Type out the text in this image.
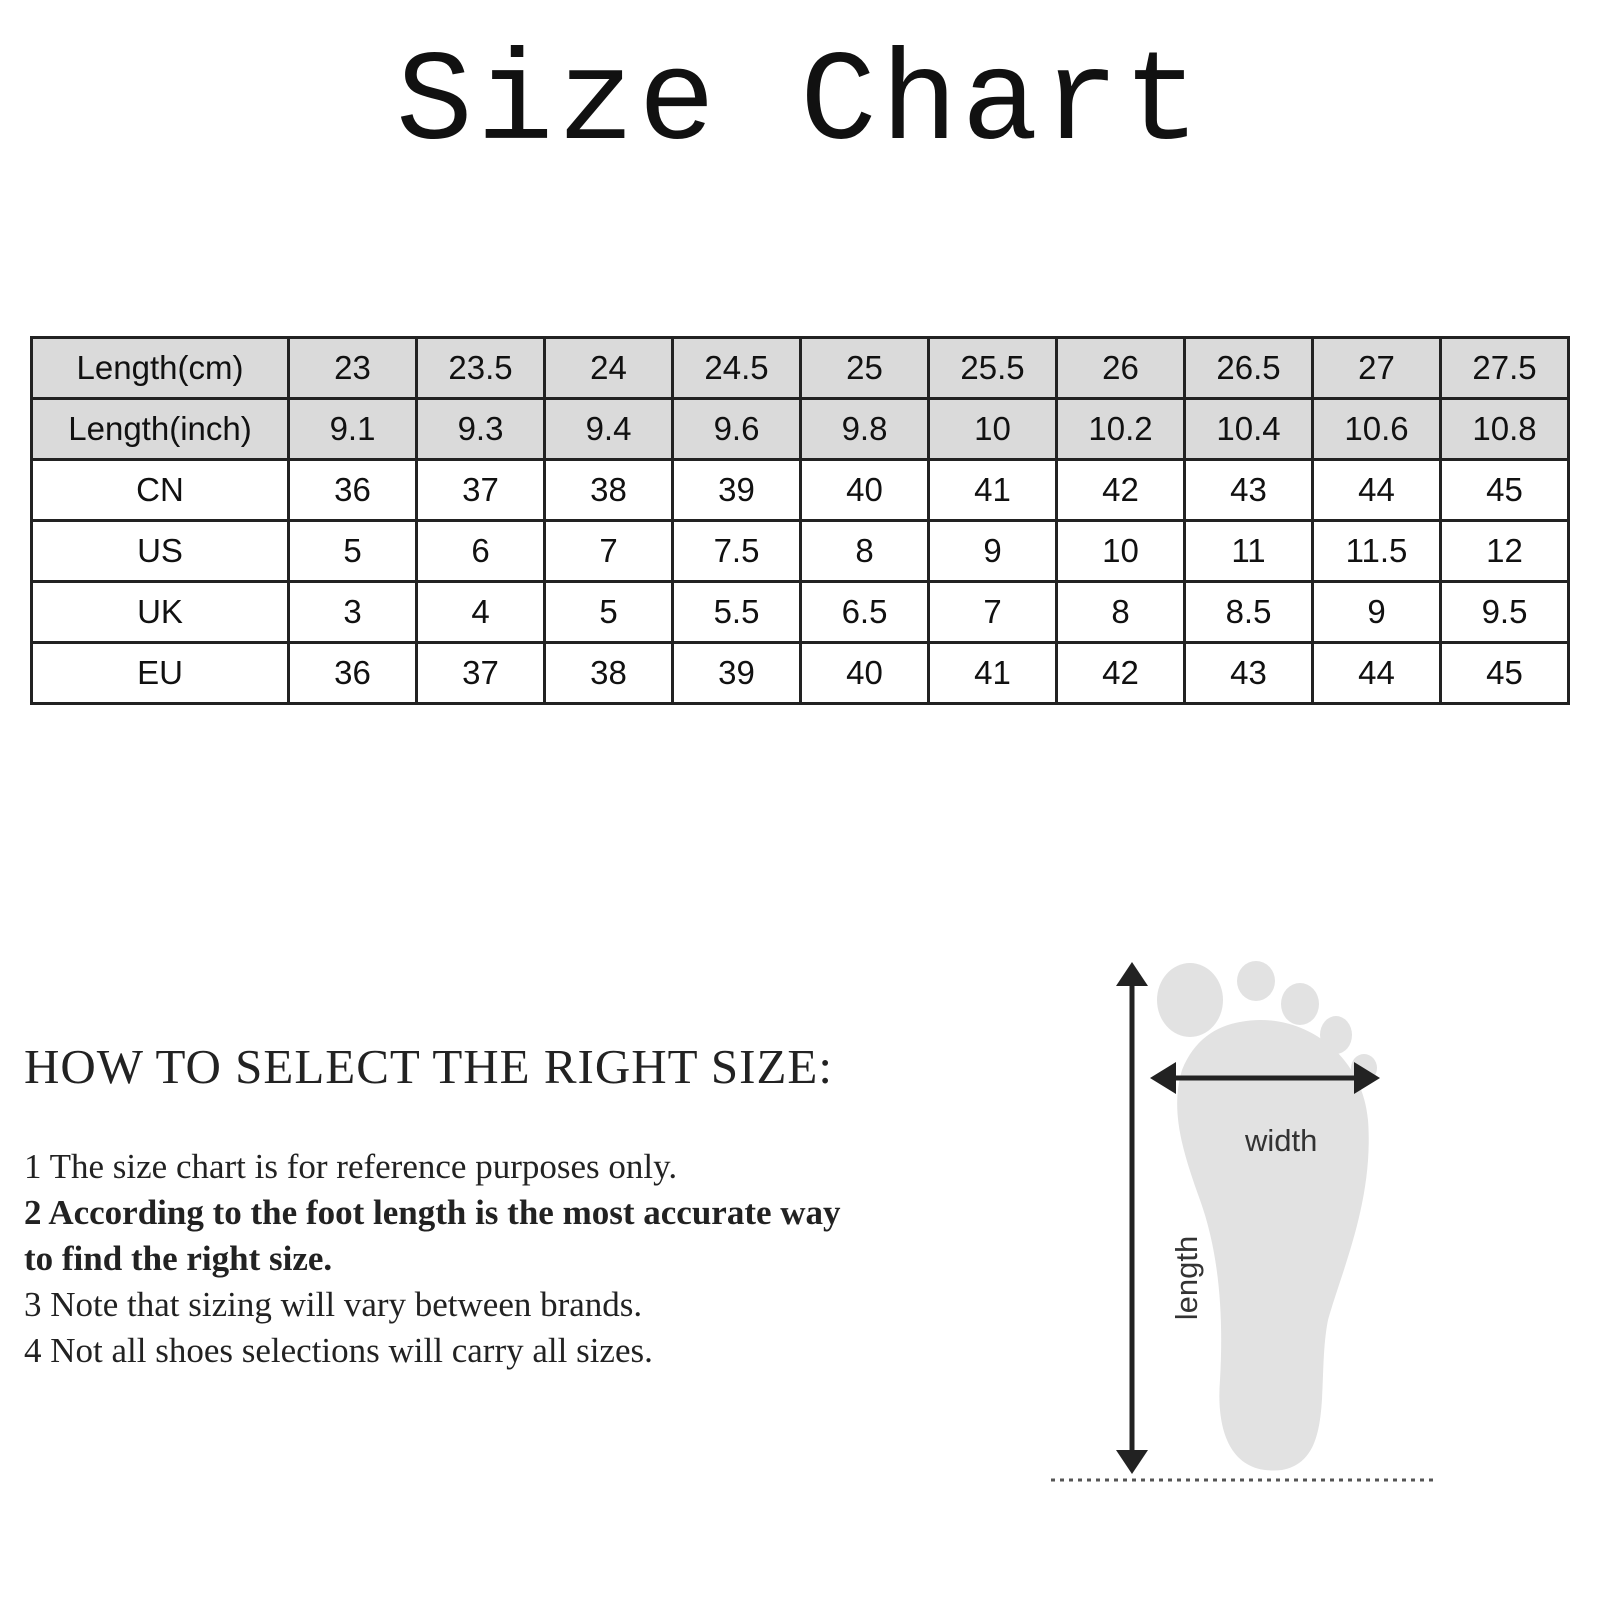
Size Chart
Length(cm)	23	23.5	24	24.5	25	25.5	26	26.5	27	27.5
Length(inch)	9.1	9.3	9.4	9.6	9.8	10	10.2	10.4	10.6	10.8
CN	36	37	38	39	40	41	42	43	44	45
US	5	6	7	7.5	8	9	10	11	11.5	12
UK	3	4	5	5.5	6.5	7	8	8.5	9	9.5
EU	36	37	38	39	40	41	42	43	44	45
HOW TO SELECT THE RIGHT SIZE:

1 The size chart is for reference purposes only.

2 According to the foot length is the most accurate way to find the right size.

3 Note that sizing will vary between brands.

4 Not all shoes selections will carry all sizes.

width
length
